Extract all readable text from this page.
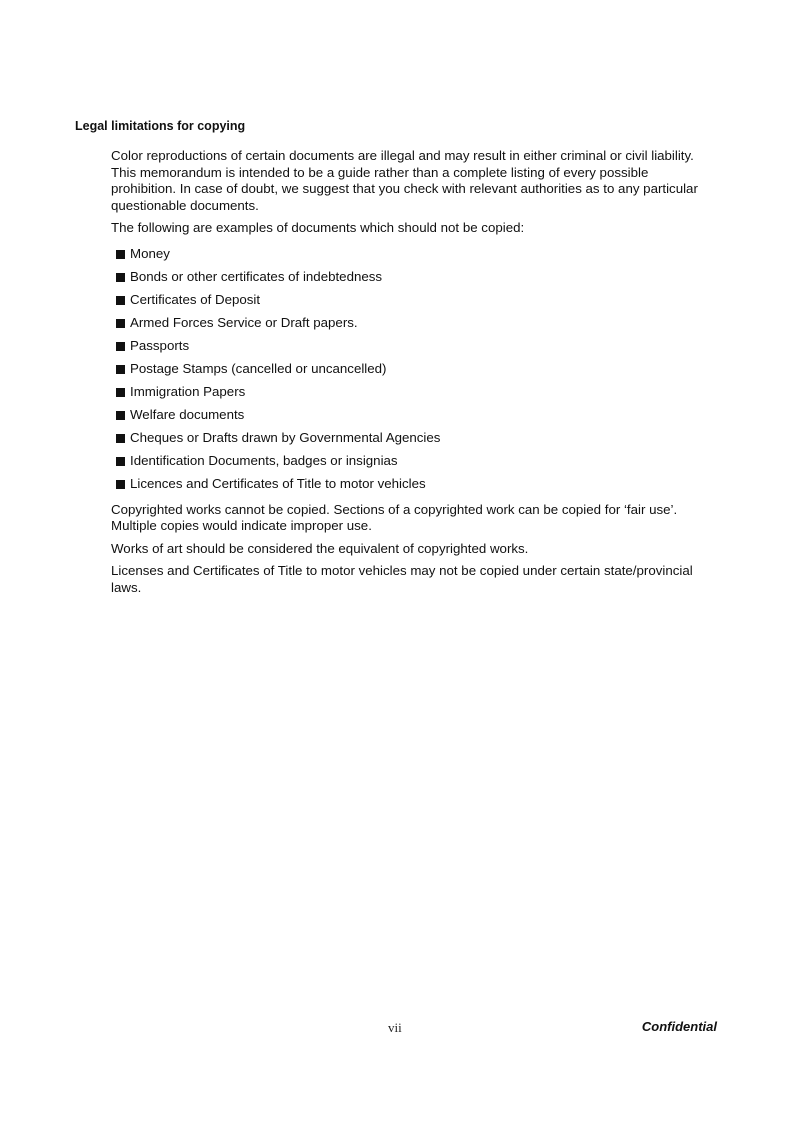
Legal limitations for copying

Color reproductions of certain documents are illegal and may result in either criminal or civil liability. This memorandum is intended to be a guide rather than a complete listing of every possible prohibition. In case of doubt, we suggest that you check with relevant authorities as to any particular questionable documents.

The following are examples of documents which should not be copied:

Money
Bonds or other certificates of indebtedness
Certificates of Deposit
Armed Forces Service or Draft papers.
Passports
Postage Stamps (cancelled or uncancelled)
Immigration Papers
Welfare documents
Cheques or Drafts drawn by Governmental Agencies
Identification Documents, badges or insignias
Licences and Certificates of Title to motor vehicles

Copyrighted works cannot be copied. Sections of a copyrighted work can be copied for ‘fair use’. Multiple copies would indicate improper use.

Works of art should be considered the equivalent of copyrighted works.

Licenses and Certificates of Title to motor vehicles may not be copied under certain state/provincial laws.

vii	Confidential
